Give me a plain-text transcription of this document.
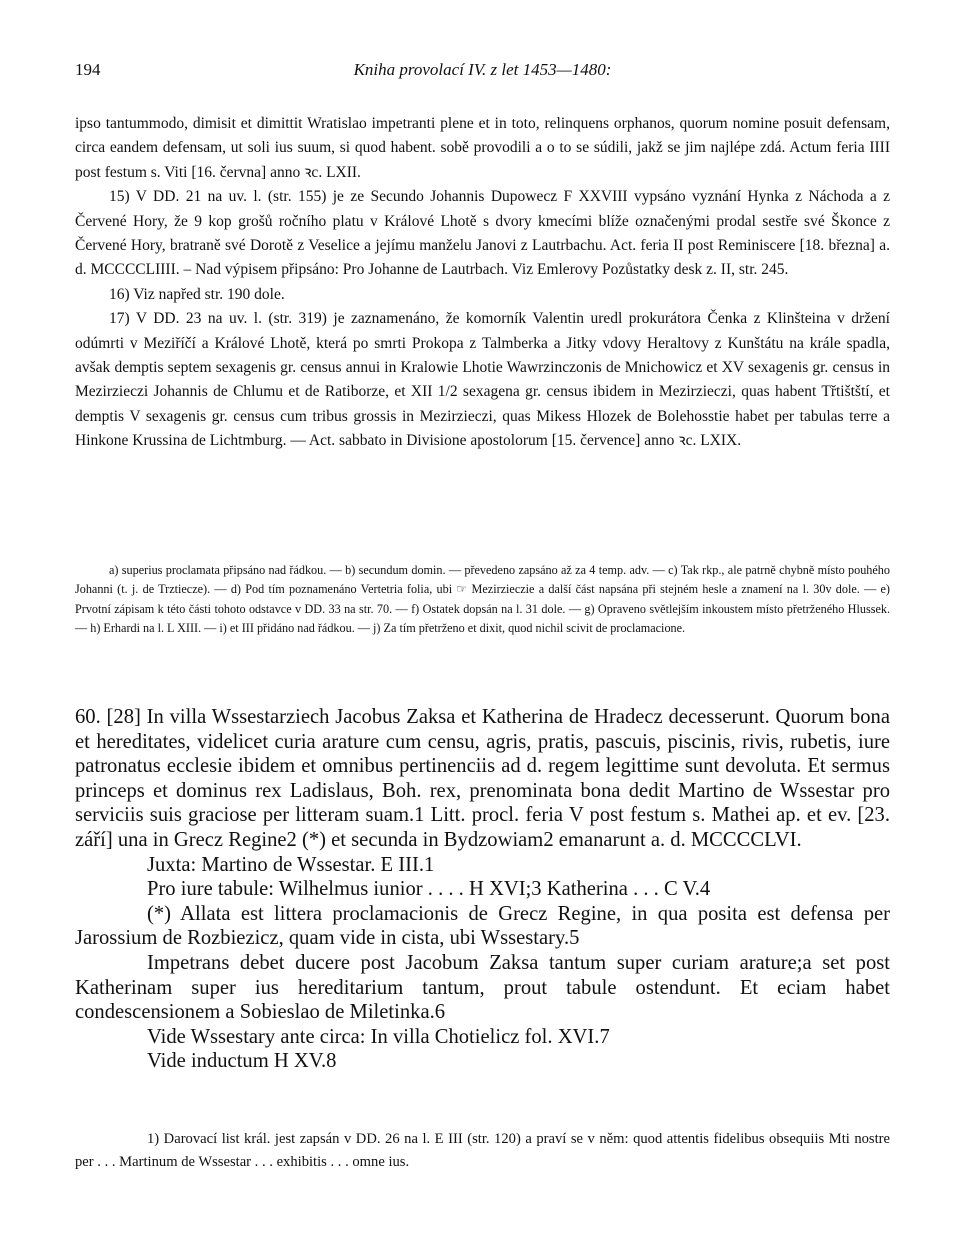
194	Kniha provolací IV. z let 1453—1480:

ipso tantummodo, dimisit et dimittit Wratislao impetranti plene et in toto, relinquens orphanos, quorum nomine posuit defensam, circa eandem defensam, ut soli ius suum, si quod habent. sobě provodili a o to se súdili, jakž se jim najlépe zdá. Actum feria IIII post festum s. Viti [16. června] anno ꝛc. LXII.

15) V DD. 21 na uv. l. (str. 155) je ze Secundo Johannis Dupowecz F XXVIII vypsáno vyznání Hynka z Náchoda a z Červené Hory, že 9 kop grošů ročního platu v Králové Lhotě s dvory kmecími blíže označenými prodal sestře své Škonce z Červené Hory, bratraně své Dorotě z Veselice a jejímu manželu Janovi z Lautrbachu. Act. feria II post Reminiscere [18. března] a. d. MCCCCLIIII. – Nad výpisem připsáno: Pro Johanne de Lautrbach. Viz Emlerovy Pozůstatky desk z. II, str. 245.

16) Viz napřed str. 190 dole.

17) V DD. 23 na uv. l. (str. 319) je zaznamenáno, že komorník Valentin uredl prokurátora Čenka z Klinšteina v držení odúmrti v Meziříčí a Králové Lhotě, která po smrti Prokopa z Talmberka a Jitky vdovy Heraltovy z Kunštátu na krále spadla, avšak demptis septem sexagenis gr. census annui in Kralowie Lhotie Wawrzinczonis de Mnichowicz et XV sexagenis gr. census in Mezirzieczi Johannis de Chlumu et de Ratiborze, et XII 1/2 sexagena gr. census ibidem in Mezirzieczi, quas habent Třtištští, et demptis V sexagenis gr. census cum tribus grossis in Mezirzieczi, quas Mikess Hlozek de Bolehosstie habet per tabulas terre a Hinkone Krussina de Lichtmburg. — Act. sabbato in Divisione apostolorum [15. července] anno ꝛc. LXIX.

a) superius proclamata připsáno nad řádkou. — b) secundum domin. — převedeno zapsáno až za 4 temp. adv. — c) Tak rkp., ale patrně chybně místo pouhého Johanni (t. j. de Trztiecze). — d) Pod tím poznamenáno Vertetria folia, ubi ☞ Mezirzieczie a další část napsána při stejném hesle a znamení na l. 30v dole. — e) Prvotní zápisam k této části tohoto odstavce v DD. 33 na str. 70. — f) Ostatek dopsán na l. 31 dole. — g) Opraveno světlejším inkoustem místo přetrženého Hlussek. — h) Erhardi na l. L XIII. — i) et III přidáno nad řádkou. — j) Za tím přetrženo et dixit, quod nichil scivit de proclamacione.

60. [28] In villa Wssestarziech Jacobus Zaksa et Katherina de Hradecz decesserunt. Quorum bona et hereditates, videlicet curia arature cum censu, agris, pratis, pascuis, piscinis, rivis, rubetis, iure patronatus ecclesie ibidem et omnibus pertinenciis ad d. regem legittime sunt devoluta. Et sermus princeps et dominus rex Ladislaus, Boh. rex, prenominata bona dedit Martino de Wssestar pro serviciis suis graciose per litteram suam.1 Litt. procl. feria V post festum s. Mathei ap. et ev. [23. září] una in Grecz Regine2 (*) et secunda in Bydzowiam2 emanarunt a. d. MCCCCLVI.

Juxta: Martino de Wssestar. E III.1

Pro iure tabule: Wilhelmus iunior . . . . H XVI;3 Katherina . . . C V.4

(*) Allata est littera proclamacionis de Grecz Regine, in qua posita est defensa per Jarossium de Rozbiezicz, quam vide in cista, ubi Wssestary.5

Impetrans debet ducere post Jacobum Zaksa tantum super curiam arature;a set post Katherinam super ius hereditarium tantum, prout tabule ostendunt. Et eciam habet condescensionem a Sobieslao de Miletinka.6

Vide Wssestary ante circa: In villa Chotielicz fol. XVI.7

Vide inductum H XV.8

1) Darovací list král. jest zapsán v DD. 26 na l. E III (str. 120) a praví se v něm: quod attentis fidelibus obsequiis Mti nostre per . . . Martinum de Wssestar . . . exhibitis . . . omne ius.
